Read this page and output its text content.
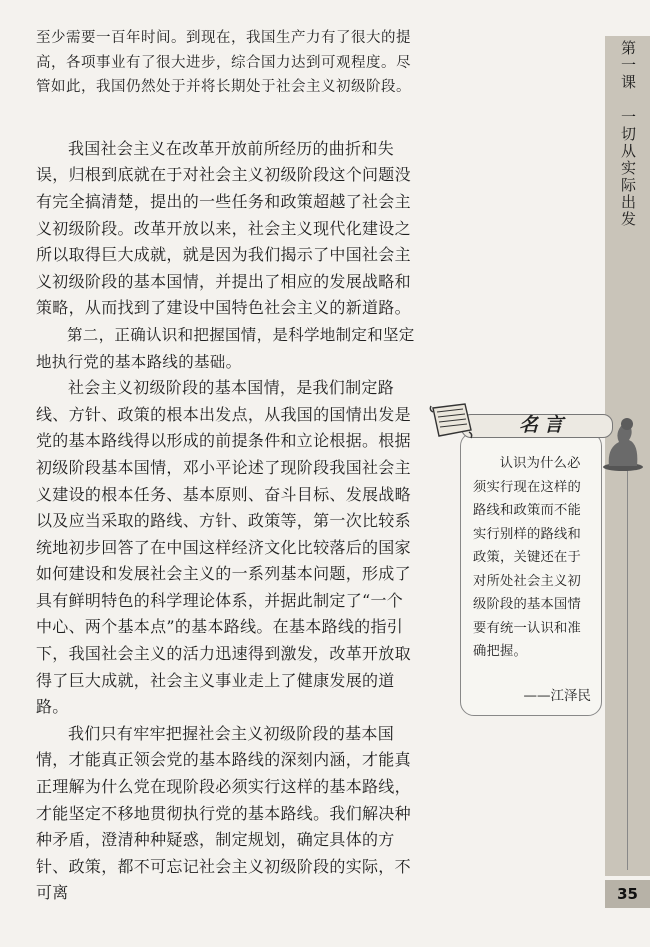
第一课一切从实际出发
35

至少需要一百年时间。到现在，我国生产力有了很大的提高，各项事业有了很大进步，综合国力达到可观程度。尽管如此，我国仍然处于并将长期处于社会主义初级阶段。

我国社会主义在改革开放前所经历的曲折和失误，归根到底就在于对社会主义初级阶段这个问题没有完全搞清楚，提出的一些任务和政策超越了社会主义初级阶段。改革开放以来，社会主义现代化建设之所以取得巨大成就，就是因为我们揭示了中国社会主义初级阶段的基本国情，并提出了相应的发展战略和策略，从而找到了建设中国特色社会主义的新道路。

第二，正确认识和把握国情，是科学地制定和坚定地执行党的基本路线的基础。

社会主义初级阶段的基本国情，是我们制定路线、方针、政策的根本出发点，从我国的国情出发是党的基本路线得以形成的前提条件和立论根据。根据初级阶段基本国情，邓小平论述了现阶段我国社会主义建设的根本任务、基本原则、奋斗目标、发展战略以及应当采取的路线、方针、政策等，第一次比较系统地初步回答了在中国这样经济文化比较落后的国家如何建设和发展社会主义的一系列基本问题，形成了具有鲜明特色的科学理论体系，并据此制定了“一个中心、两个基本点”的基本路线。在基本路线的指引下，我国社会主义的活力迅速得到激发，改革开放取得了巨大成就，社会主义事业走上了健康发展的道路。

我们只有牢牢把握社会主义初级阶段的基本国情，才能真正领会党的基本路线的深刻内涵，才能真正理解为什么党在现阶段必须实行这样的基本路线，才能坚定不移地贯彻执行党的基本路线。我们解决种种矛盾，澄清种种疑惑，制定规划，确定具体的方针、政策，都不可忘记社会主义初级阶段的实际，不可离

名言
认识为什么必须实行现在这样的路线和政策而不能实行别样的路线和政策，关键还在于对所处社会主义初级阶段的基本国情要有统一认识和准确把握。
——江泽民
